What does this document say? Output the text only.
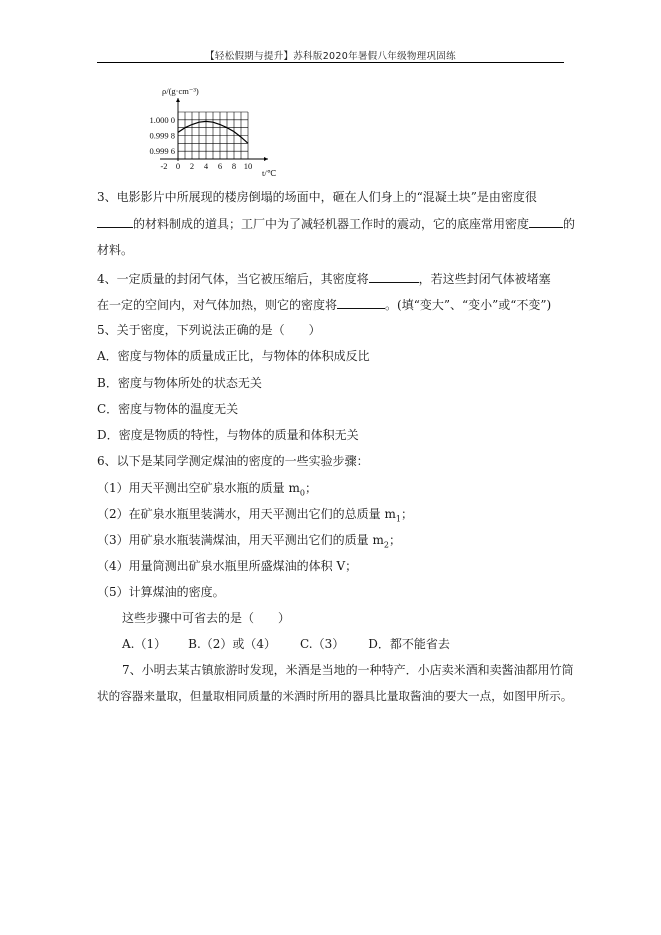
【轻松假期与提升】苏科版2020年暑假八年级物理巩固练
-2 0 2 4 6 8 10
1.000 0
0.999 8
0.999 6
ρ/(g·cm⁻³)
t/℃
3、电影影片中所展现的楼房倒塌的场面中，砸在人们身上的“混凝土块”是由密度很
的材料制成的道具；工厂中为了减轻机器工作时的震动，它的底座常用密度	的
材料。
4、一定质量的封闭气体，当它被压缩后，其密度将	，若这些封闭气体被堵塞
在一定的空间内，对气体加热，则它的密度将	。(填“变大”、“变小”或“不变”)
5、关于密度，下列说法正确的是（　　）
A．密度与物体的质量成正比，与物体的体积成反比
B．密度与物体所处的状态无关
C．密度与物体的温度无关
D．密度是物质的特性，与物体的质量和体积无关
6、以下是某同学测定煤油的密度的一些实验步骤：
（1）用天平测出空矿泉水瓶的质量 $m_0$；
（2）在矿泉水瓶里装满水，用天平测出它们的总质量 $m_1$；
（3）用矿泉水瓶装满煤油，用天平测出它们的质量 $m_2$；
（4）用量筒测出矿泉水瓶里所盛煤油的体积 V；
（5）计算煤油的密度。
这些步骤中可省去的是（　　）
A.（1） B.（2）或（4） C.（3） D．都不能省去
7、小明去某古镇旅游时发现，米酒是当地的一种特产．小店卖米酒和卖酱油都用竹筒
状的容器来量取，但量取相同质量的米酒时所用的器具比量取酱油的要大一点，如图甲所示。
